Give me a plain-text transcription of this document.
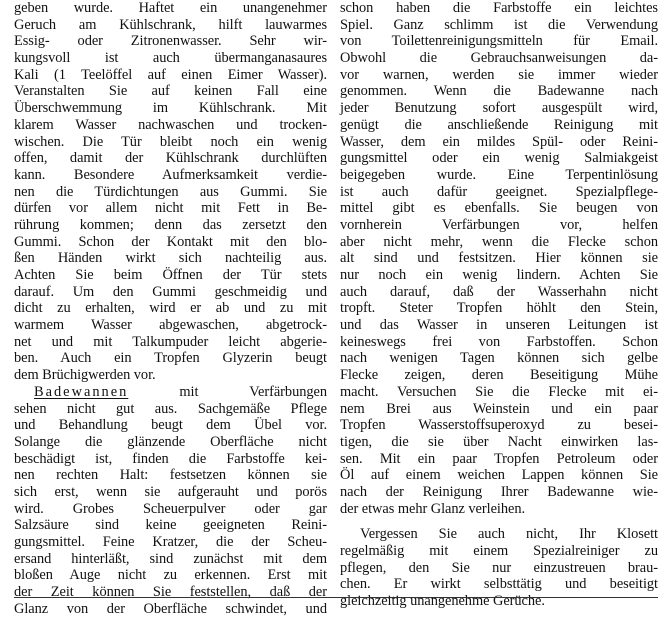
geben wurde. Haftet ein unangenehmer
Geruch am Kühlschrank, hilft lauwarmes
Essig- oder Zitronenwasser. Sehr wir-
kungsvoll ist auch übermanganasaures
Kali (1 Teelöffel auf einen Eimer Wasser).
Veranstalten Sie auf keinen Fall eine
Überschwemmung im Kühlschrank. Mit
klarem Wasser nachwaschen und trocken-
wischen. Die Tür bleibt noch ein wenig
offen, damit der Kühlschrank durchlüften
kann. Besondere Aufmerksamkeit verdie-
nen die Türdichtungen aus Gummi. Sie
dürfen vor allem nicht mit Fett in Be-
rührung kommen; denn das zersetzt den
Gummi. Schon der Kontakt mit den blo-
ßen Händen wirkt sich nachteilig aus.
Achten Sie beim Öffnen der Tür stets
darauf. Um den Gummi geschmeidig und
dicht zu erhalten, wird er ab und zu mit
warmem Wasser abgewaschen, abgetrock-
net und mit Talkumpuder leicht abgerie-
ben. Auch ein Tropfen Glyzerin beugt
dem Brüchigwerden vor.
Badewannen mit Verfärbungen
sehen nicht gut aus. Sachgemäße Pflege
und Behandlung beugt dem Übel vor.
Solange die glänzende Oberfläche nicht
beschädigt ist, finden die Farbstoffe kei-
nen rechten Halt: festsetzen können sie
sich erst, wenn sie aufgerauht und porös
wird. Grobes Scheuerpulver oder gar
Salzsäure sind keine geeigneten Reini-
gungsmittel. Feine Kratzer, die der Scheu-
ersand hinterläßt, sind zunächst mit dem
bloßen Auge nicht zu erkennen. Erst mit
der Zeit können Sie feststellen, daß der
Glanz von der Oberfläche schwindet, und
schon haben die Farbstoffe ein leichtes
Spiel. Ganz schlimm ist die Verwendung
von Toilettenreinigungsmitteln für Email.
Obwohl die Gebrauchsanweisungen da-
vor warnen, werden sie immer wieder
genommen. Wenn die Badewanne nach
jeder Benutzung sofort ausgespült wird,
genügt die anschließende Reinigung mit
Wasser, dem ein mildes Spül- oder Reini-
gungsmittel oder ein wenig Salmiakgeist
beigegeben wurde. Eine Terpentinlösung
ist auch dafür geeignet. Spezialpflege-
mittel gibt es ebenfalls. Sie beugen von
vornherein Verfärbungen vor, helfen
aber nicht mehr, wenn die Flecke schon
alt sind und festsitzen. Hier können sie
nur noch ein wenig lindern. Achten Sie
auch darauf, daß der Wasserhahn nicht
tropft. Steter Tropfen höhlt den Stein,
und das Wasser in unseren Leitungen ist
keineswegs frei von Farbstoffen. Schon
nach wenigen Tagen können sich gelbe
Flecke zeigen, deren Beseitigung Mühe
macht. Versuchen Sie die Flecke mit ei-
nem Brei aus Weinstein und ein paar
Tropfen Wasserstoffsuperoxyd zu besei-
tigen, die sie über Nacht einwirken las-
sen. Mit ein paar Tropfen Petroleum oder
Öl auf einem weichen Lappen können Sie
nach der Reinigung Ihrer Badewanne wie-
der etwas mehr Glanz verleihen.
Vergessen Sie auch nicht, Ihr Klosett
regelmäßig mit einem Spezialreiniger zu
pflegen, den Sie nur einzustreuen brau-
chen. Er wirkt selbsttätig und beseitigt
gleichzeitig unangenehme Gerüche.
